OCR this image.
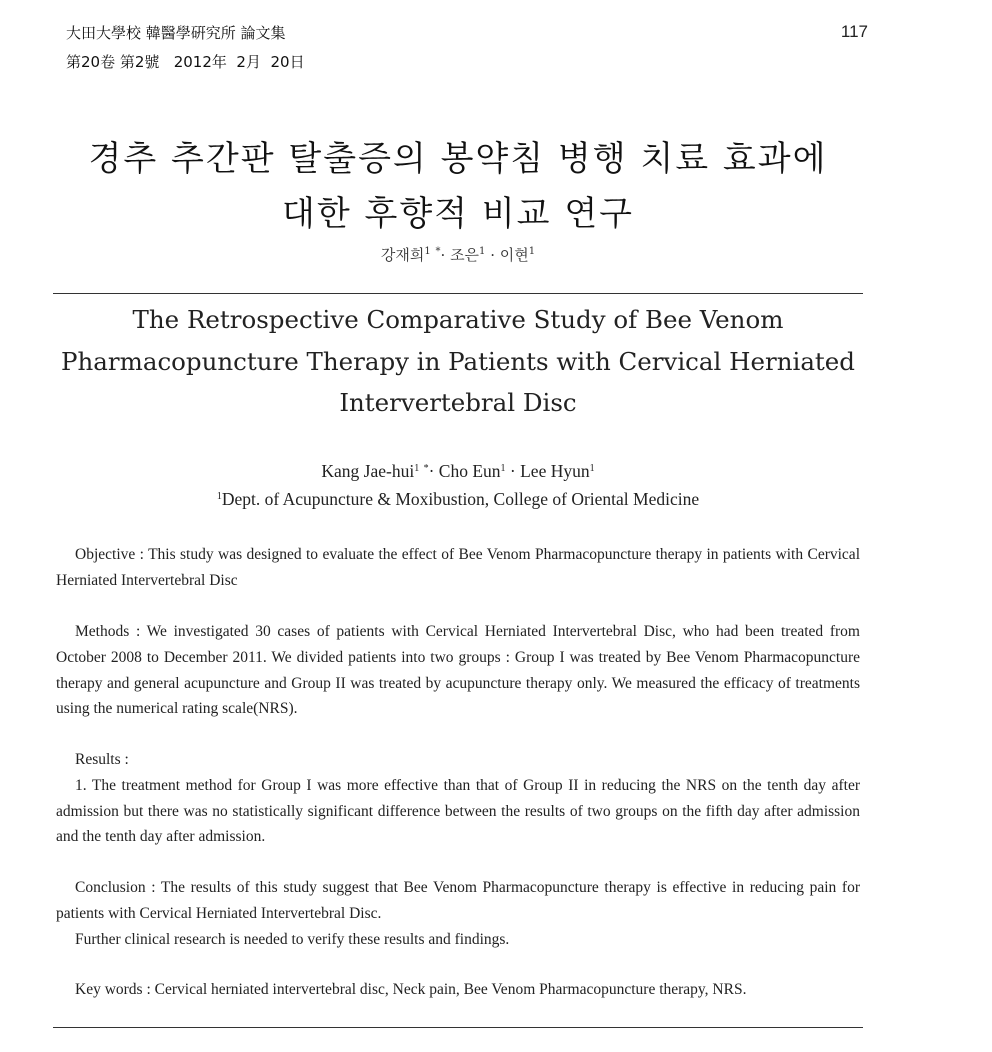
大田大學校 韓醫學硏究所 論文集
第20卷 第2號   2012年  2月  20日
117
경추 추간판 탈출증의 봉약침 병행 치료 효과에
대한 후향적 비교 연구
강재희$^1$ *· 조은$^1$ · 이현$^1$
The Retrospective Comparative Study of Bee Venom
Pharmacopuncture Therapy in Patients with Cervical Herniated
Intervertebral Disc
Kang Jae-hui$^1$ *· Cho Eun$^1$ · Lee Hyun$^1$
$^1$Dept. of Acupuncture & Moxibustion, College of Oriental Medicine

Objective : This study was designed to evaluate the effect of Bee Venom Pharmacopuncture therapy in patients with Cervical Herniated Intervertebral Disc

Methods : We investigated 30 cases of patients with Cervical Herniated Intervertebral Disc, who had been treated from October 2008 to December 2011. We divided patients into two groups : Group I was treated by Bee Venom Pharmacopuncture therapy and general acupuncture and Group II was treated by acupuncture therapy only. We measured the efficacy of treatments using the numerical rating scale(NRS).

Results :

1. The treatment method for Group I was more effective than that of Group II in reducing the NRS on the tenth day after admission but there was no statistically significant difference between the results of two groups on the fifth day after admission and the tenth day after admission.

Conclusion : The results of this study suggest that Bee Venom Pharmacopuncture therapy is effective in reducing pain for patients with Cervical Herniated Intervertebral Disc.

Further clinical research is needed to verify these results and findings.

Key words : Cervical herniated intervertebral disc, Neck pain, Bee Venom Pharmacopuncture therapy, NRS.
